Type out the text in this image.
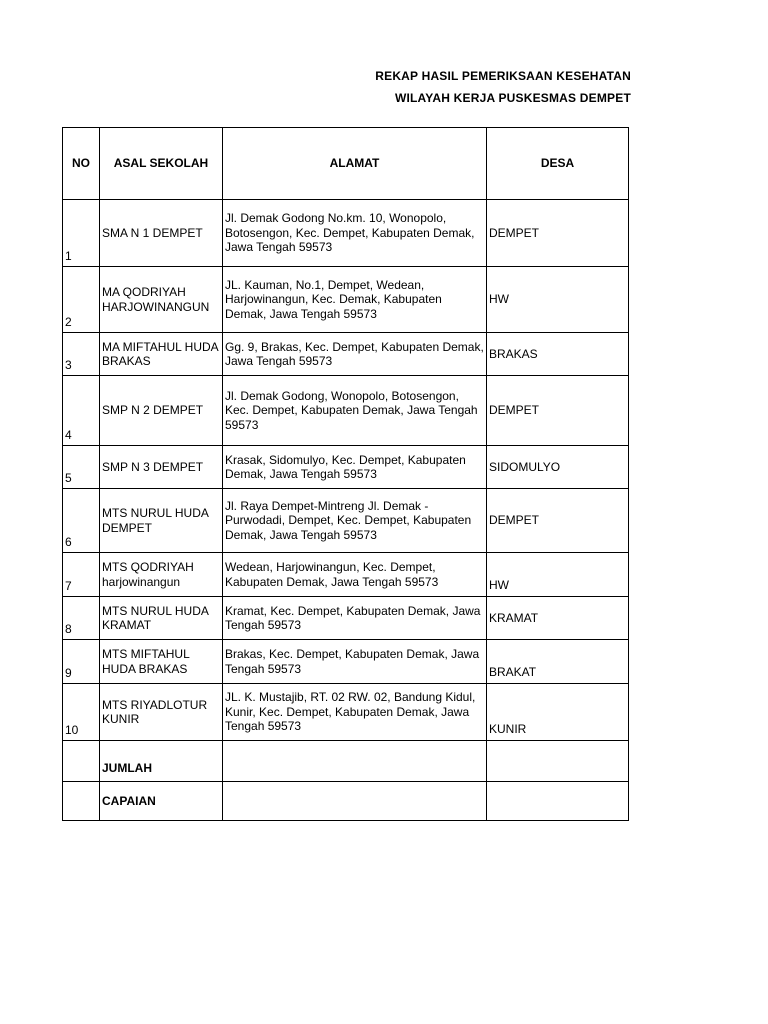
REKAP HASIL PEMERIKSAAN KESEHATAN
WILAYAH KERJA PUSKESMAS DEMPET
NO	ASAL SEKOLAH	ALAMAT	DESA
1	SMA N 1 DEMPET	Jl. Demak Godong No.km. 10, Wonopolo, Botosengon, Kec. Dempet, Kabupaten Demak, Jawa Tengah 59573	DEMPET
2	MA QODRIYAH HARJOWINANGUN	JL. Kauman, No.1, Dempet, Wedean, Harjowinangun, Kec. Demak, Kabupaten Demak, Jawa Tengah 59573	HW
3	MA MIFTAHUL HUDA BRAKAS	Gg. 9, Brakas, Kec. Dempet, Kabupaten Demak, Jawa Tengah 59573	BRAKAS
4	SMP N 2 DEMPET	Jl. Demak Godong, Wonopolo, Botosengon, Kec. Dempet, Kabupaten Demak, Jawa Tengah 59573	DEMPET
5	SMP N 3 DEMPET	Krasak, Sidomulyo, Kec. Dempet, Kabupaten Demak, Jawa Tengah 59573	SIDOMULYO
6	MTS NURUL HUDA DEMPET	Jl. Raya Dempet-Mintreng Jl. Demak - Purwodadi, Dempet, Kec. Dempet, Kabupaten Demak, Jawa Tengah 59573	DEMPET
7	MTS QODRIYAH harjowinangun	Wedean, Harjowinangun, Kec. Dempet, Kabupaten Demak, Jawa Tengah 59573	HW
8	MTS NURUL HUDA KRAMAT	Kramat, Kec. Dempet, Kabupaten Demak, Jawa Tengah 59573	KRAMAT
9	MTS MIFTAHUL HUDA BRAKAS	Brakas, Kec. Dempet, Kabupaten Demak, Jawa Tengah 59573	BRAKAT
10	MTS RIYADLOTUR KUNIR	JL. K. Mustajib, RT. 02 RW. 02, Bandung Kidul, Kunir, Kec. Dempet, Kabupaten Demak, Jawa Tengah 59573	KUNIR
	JUMLAH		
	CAPAIAN		
